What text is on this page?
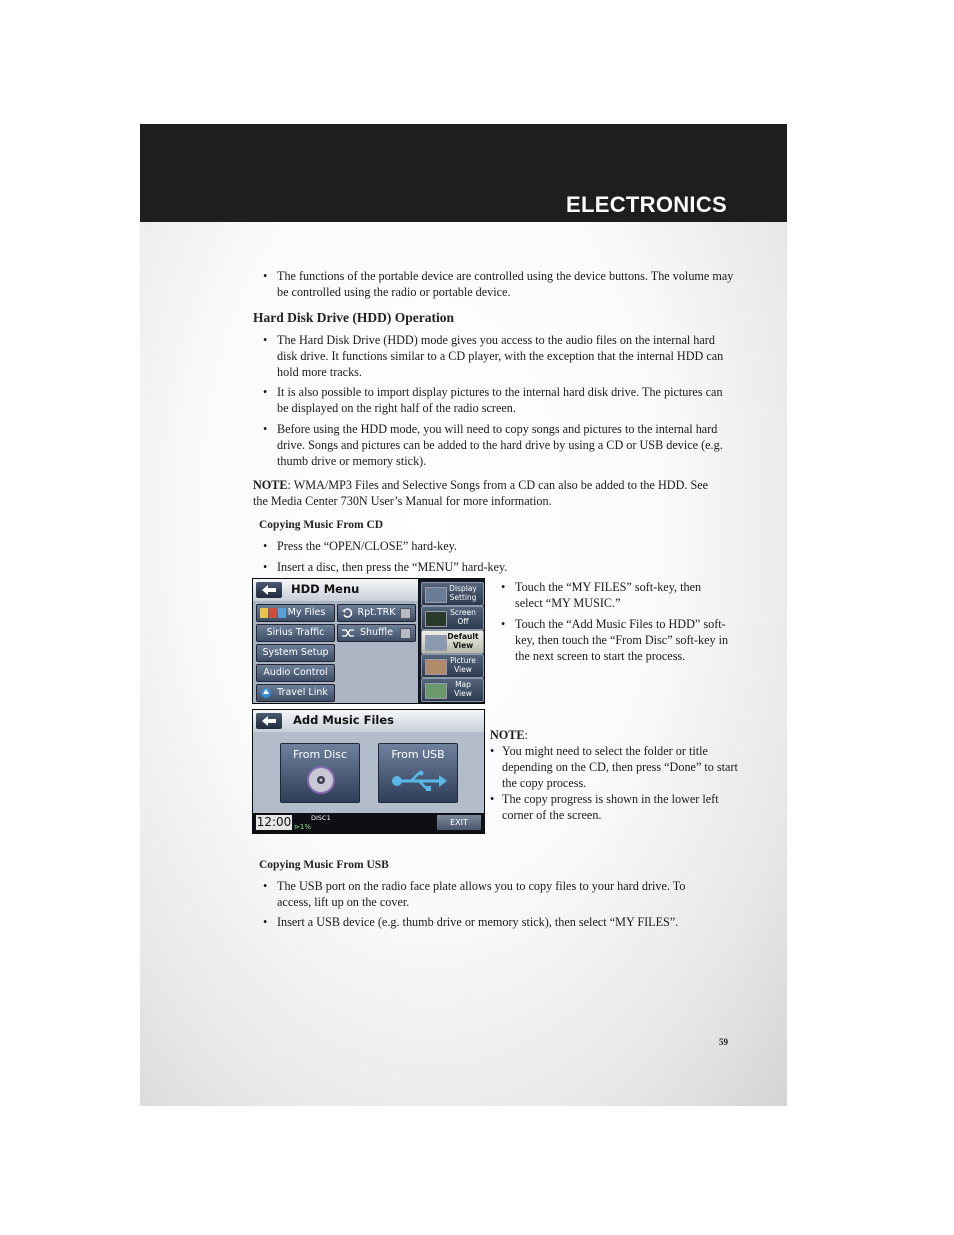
ELECTRONICS
• The functions of the portable device are controlled using the device buttons. The volume may be controlled using the radio or portable device.
Hard Disk Drive (HDD) Operation
• The Hard Disk Drive (HDD) mode gives you access to the audio files on the internal hard disk drive. It functions similar to a CD player, with the exception that the internal HDD can hold more tracks.
• It is also possible to import display pictures to the internal hard disk drive. The pictures can be displayed on the right half of the radio screen.
• Before using the HDD mode, you will need to copy songs and pictures to the internal hard drive. Songs and pictures can be added to the hard drive by using a CD or USB device (e.g. thumb drive or memory stick).
NOTE: WMA/MP3 Files and Selective Songs from a CD can also be added to the HDD. See the Media Center 730N User’s Manual for more information.
Copying Music From CD
• Press the “OPEN/CLOSE” hard-key.
• Insert a disc, then press the “MENU” hard-key.
• Touch the “MY FILES” soft-key, then select “MY MUSIC.”
• Touch the “Add Music Files to HDD” soft-key, then touch the “From Disc” soft-key in the next screen to start the process.
NOTE:
• You might need to select the folder or title depending on the CD, then press “Done” to start the copy process.
• The copy progress is shown in the lower left corner of the screen.
HDD Menu
My Files
Sirius Traffic
System Setup
Audio Control
Travel Link
Rpt.TRK
Shuffle
Display
Setting
Screen
Off
Default
View
Picture
View
Map
View
Add Music Files
From Disc	From USB
12:00	DISC1
⊳1%	EXIT
Copying Music From USB
• The USB port on the radio face plate allows you to copy files to your hard drive. To access, lift up on the cover.
• Insert a USB device (e.g. thumb drive or memory stick), then select “MY FILES”.
59
